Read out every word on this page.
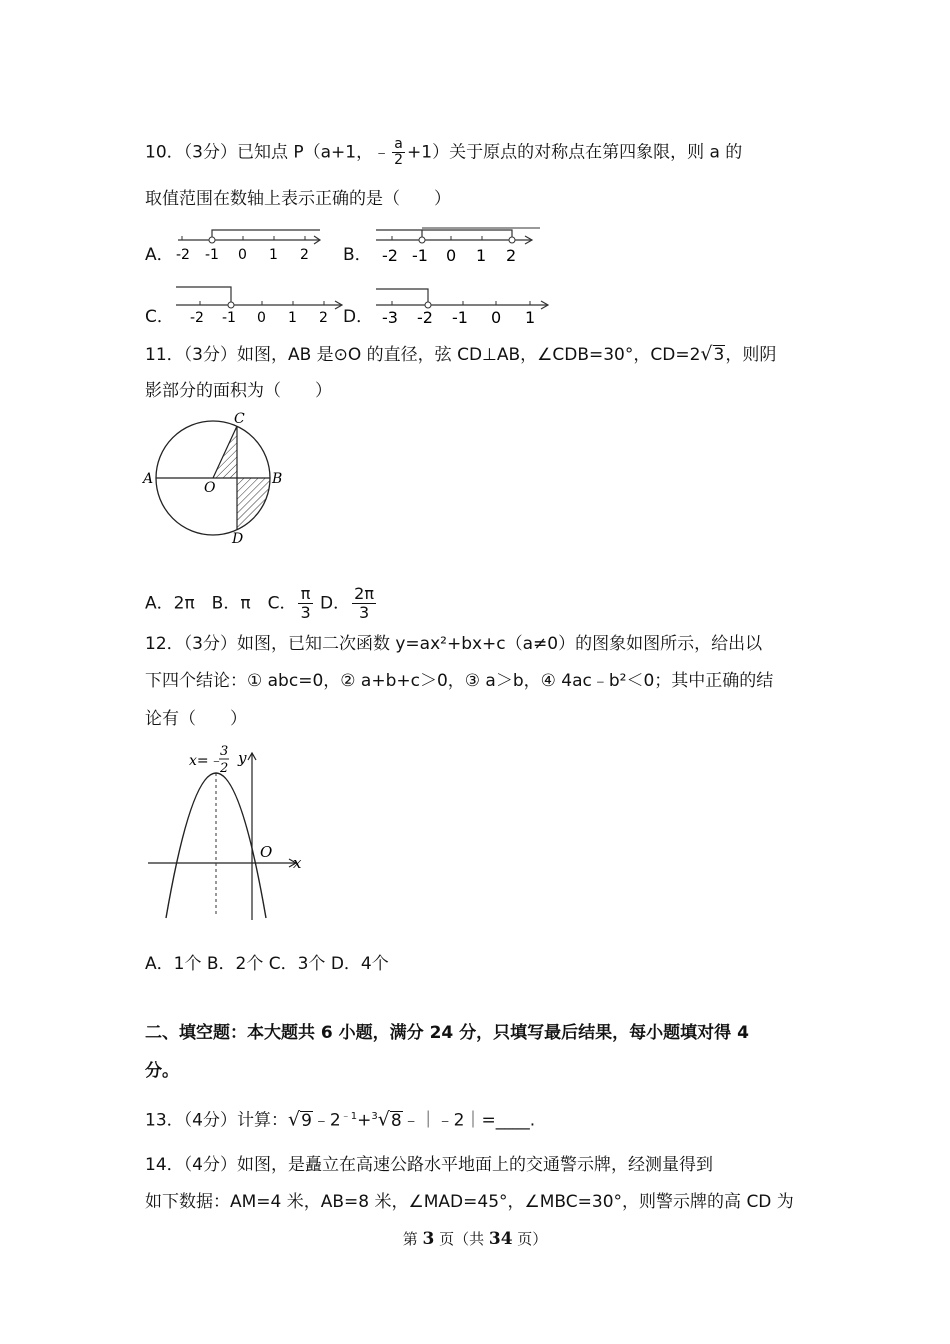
10．（3分）已知点 P（a+1，﹣ $\frac{a}{2} +1$）关于原点的对称点在第四象限，则 a 的
取值范围在数轴上表示正确的是（　　）
A． -2 -1 0 1 2 B． -2 -1 0 1 2
C． -2 -1 0 1 2 D． -3 -2 -1 0 1
11．（3分）如图，AB 是⊙O 的直径，弦 CD⊥AB，∠CDB=30°，CD=2√3，则阴
影部分的面积为（　　）
A	B
C
D
O
A．2π　B．π　C． $\frac{\pi}{3}$ D． $\frac{2\pi}{3}$
12．（3分）如图，已知二次函数 y=ax²+bx+c（a≠0）的图象如图所示，给出以
下四个结论：① abc=0，② a+b+c＞0，③ a＞b，④ 4ac﹣b²＜0；其中正确的结
论有（　　）
x=﹣
3
2
y
x
O
A．1个 B．2个 C．3个 D．4个
二、填空题：本大题共 6 小题，满分 24 分，只填写最后结果，每小题填对得 4
分。
13．（4分）计算：$√9﹣2^{﹣1}+^3√8﹣|﹣2|=\_\_\_\_$.
14．（4分）如图，是矗立在高速公路水平地面上的交通警示牌，经测量得到
如下数据：AM=4 米，AB=8 米，∠MAD=45°，∠MBC=30°，则警示牌的高 CD 为
第 3 页（共 34 页）
